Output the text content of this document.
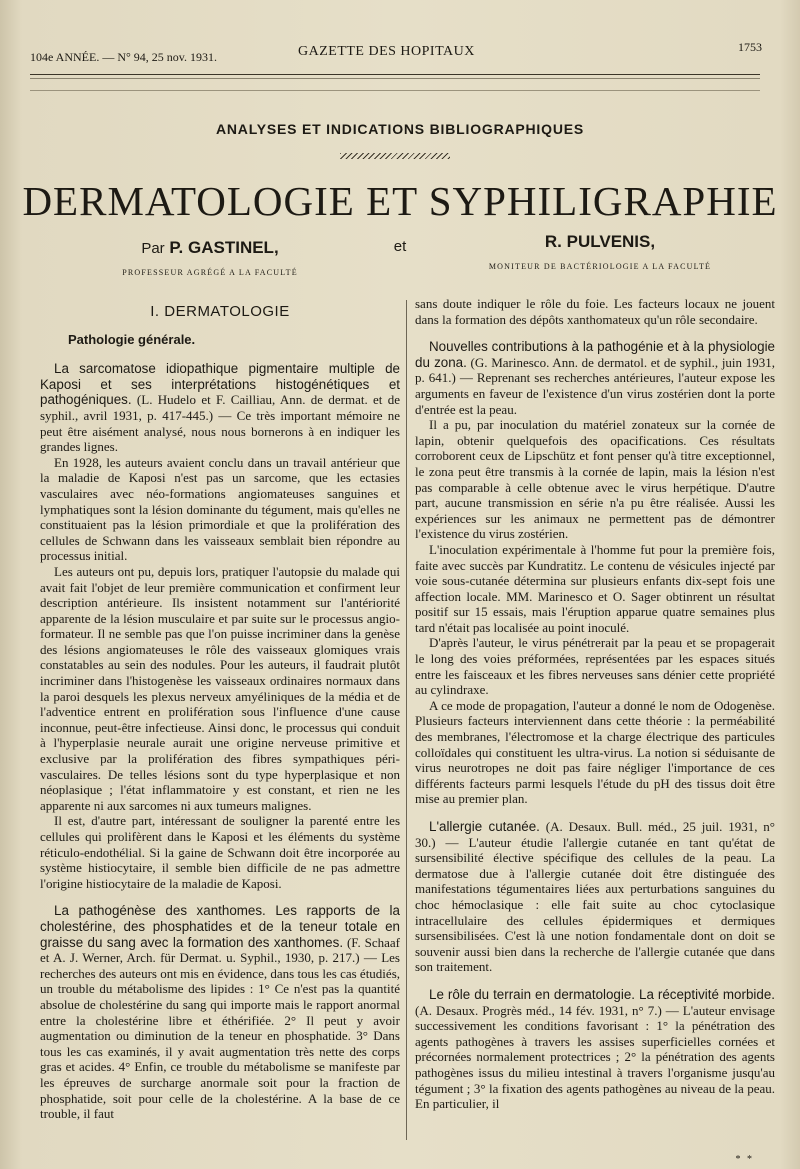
104e ANNÉE. — N° 94, 25 nov. 1931.	GAZETTE DES HOPITAUX	1753
ANALYSES ET INDICATIONS BIBLIOGRAPHIQUES
DERMATOLOGIE ET SYPHILIGRAPHIE
Par P. GASTINEL,	et	R. PULVENIS,
PROFESSEUR AGRÉGÉ A LA FACULTÉ
MONITEUR DE BACTÉRIOLOGIE A LA FACULTÉ
I. DERMATOLOGIE
Pathologie générale.

La sarcomatose idiopathique pigmentaire multiple de Kaposi et ses interprétations histogénétiques et pathogéniques. (L. Hudelo et F. Cailliau, Ann. de dermat. et de syphil., avril 1931, p. 417-445.) — Ce très important mémoire ne peut être aisément analysé, nous nous bornerons à en indiquer les grandes lignes.

En 1928, les auteurs avaient conclu dans un travail antérieur que la maladie de Kaposi n'est pas un sarcome, que les ectasies vasculaires avec néo-formations angiomateuses sanguines et lymphatiques sont la lésion dominante du tégument, mais qu'elles ne constituaient pas la lésion primordiale et que la prolifération des cellules de Schwann dans les vaisseaux semblait bien répondre au processus initial.

Les auteurs ont pu, depuis lors, pratiquer l'autopsie du malade qui avait fait l'objet de leur première communication et confirment leur description antérieure. Ils insistent notamment sur l'antériorité apparente de la lésion musculaire et par suite sur le processus angio-formateur. Il ne semble pas que l'on puisse incriminer dans la genèse des lésions angiomateuses le rôle des vaisseaux glomiques vrais constatables au sein des nodules. Pour les auteurs, il faudrait plutôt incriminer dans l'histogenèse les vaisseaux ordinaires normaux dans la paroi desquels les plexus nerveux amyéliniques de la média et de l'adventice entrent en prolifération sous l'influence d'une cause inconnue, peut-être infectieuse. Ainsi donc, le processus qui conduit à l'hyperplasie neurale aurait une origine nerveuse primitive et exclusive par la prolifération des fibres sympathiques péri-vasculaires. De telles lésions sont du type hyperplasique et non néoplasique ; l'état inflammatoire y est constant, et rien ne les apparente ni aux sarcomes ni aux tumeurs malignes.

Il est, d'autre part, intéressant de souligner la parenté entre les cellules qui prolifèrent dans le Kaposi et les éléments du système réticulo-endothélial. Si la gaine de Schwann doit être incorporée au système histiocytaire, il semble bien difficile de ne pas admettre l'origine histiocytaire de la maladie de Kaposi.

La pathogénèse des xanthomes. Les rapports de la cholestérine, des phosphatides et de la teneur totale en graisse du sang avec la formation des xanthomes. (F. Schaaf et A. J. Werner, Arch. für Dermat. u. Syphil., 1930, p. 217.) — Les recherches des auteurs ont mis en évidence, dans tous les cas étudiés, un trouble du métabolisme des lipides : 1° Ce n'est pas la quantité absolue de cholestérine du sang qui importe mais le rapport anormal entre la cholestérine libre et éthérifiée. 2° Il peut y avoir augmentation ou diminution de la teneur en phosphatide. 3° Dans tous les cas examinés, il y avait augmentation très nette des corps gras et acides. 4° Enfin, ce trouble du métabolisme se manifeste par les épreuves de surcharge anormale soit pour la fraction de phosphatide, soit pour celle de la cholestérine. A la base de ce trouble, il faut

sans doute indiquer le rôle du foie. Les facteurs locaux ne jouent dans la formation des dépôts xanthomateux qu'un rôle secondaire.

Nouvelles contributions à la pathogénie et à la physiologie du zona. (G. Marinesco. Ann. de dermatol. et de syphil., juin 1931, p. 641.) — Reprenant ses recherches antérieures, l'auteur expose les arguments en faveur de l'existence d'un virus zostérien dont la porte d'entrée est la peau.

Il a pu, par inoculation du matériel zonateux sur la cornée de lapin, obtenir quelquefois des opacifications. Ces résultats corroborent ceux de Lipschütz et font penser qu'à titre exceptionnel, le zona peut être transmis à la cornée de lapin, mais la lésion n'est pas comparable à celle obtenue avec le virus herpétique. D'autre part, aucune transmission en série n'a pu être réalisée. Aussi les expériences sur les animaux ne permettent pas de démontrer l'existence du virus zostérien.

L'inoculation expérimentale à l'homme fut pour la première fois, faite avec succès par Kundratitz. Le contenu de vésicules injecté par voie sous-cutanée détermina sur plusieurs enfants dix-sept fois une affection locale. MM. Marinesco et O. Sager obtinrent un résultat positif sur 15 essais, mais l'éruption apparue quatre semaines plus tard n'était pas localisée au point inoculé.

D'après l'auteur, le virus pénétrerait par la peau et se propagerait le long des voies préformées, représentées par les espaces situés entre les faisceaux et les fibres nerveuses sans dénier cette propriété au cylindraxe.

A ce mode de propagation, l'auteur a donné le nom de Odogenèse. Plusieurs facteurs interviennent dans cette théorie : la perméabilité des membranes, l'électromose et la charge électrique des particules colloïdales qui constituent les ultra-virus. La notion si séduisante de virus neurotropes ne doit pas faire négliger l'importance de ces différents facteurs parmi lesquels l'étude du pH des tissus doit être mise au premier plan.

L'allergie cutanée. (A. Desaux. Bull. méd., 25 juil. 1931, n° 30.) — L'auteur étudie l'allergie cutanée en tant qu'état de sursensibilité élective spécifique des cellules de la peau. La dermatose due à l'allergie cutanée doit être distinguée des manifestations tégumentaires liées aux perturbations sanguines du choc hémoclasique : elle fait suite au choc cytoclasique intracellulaire des cellules épidermiques et dermiques sursensibilisées. C'est là une notion fondamentale dont on doit se souvenir aussi bien dans la recherche de l'allergie cutanée que dans son traitement.

Le rôle du terrain en dermatologie. La réceptivité morbide. (A. Desaux. Progrès méd., 14 fév. 1931, n° 7.) — L'auteur envisage successivement les conditions favorisant : 1° la pénétration des agents pathogènes à travers les assises superficielles cornées et précornées normalement protectrices ; 2° la pénétration des agents pathogènes issus du milieu intestinal à travers l'organisme jusqu'au tégument ; 3° la fixation des agents pathogènes au niveau de la peau. En particulier, il

* *
